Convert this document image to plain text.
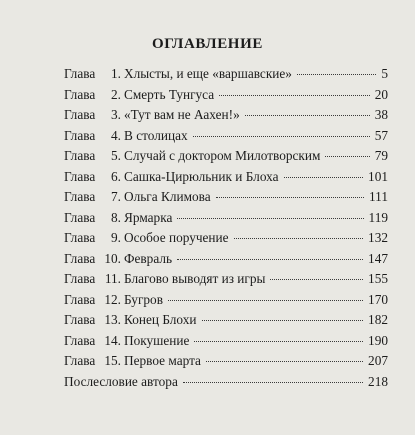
ОГЛАВЛЕНИЕ
Глава	1. Хлысты, и еще «варшавские»	5
Глава	2. Смерть Тунгуса	20
Глава	3. «Тут вам не Аахен!»	38
Глава	4. В столицах	57
Глава	5. Случай с доктором Милотворским	79
Глава	6. Сашка-Цирюльник и Блоха	101
Глава	7. Ольга Климова	111
Глава	8. Ярмарка	119
Глава	9. Особое поручение	132
Глава 10. Февраль	147
Глава 11. Благово выводят из игры	155
Глава 12. Бугров	170
Глава 13. Конец Блохи	182
Глава 14. Покушение	190
Глава 15. Первое марта	207
Послесловие автора	218
